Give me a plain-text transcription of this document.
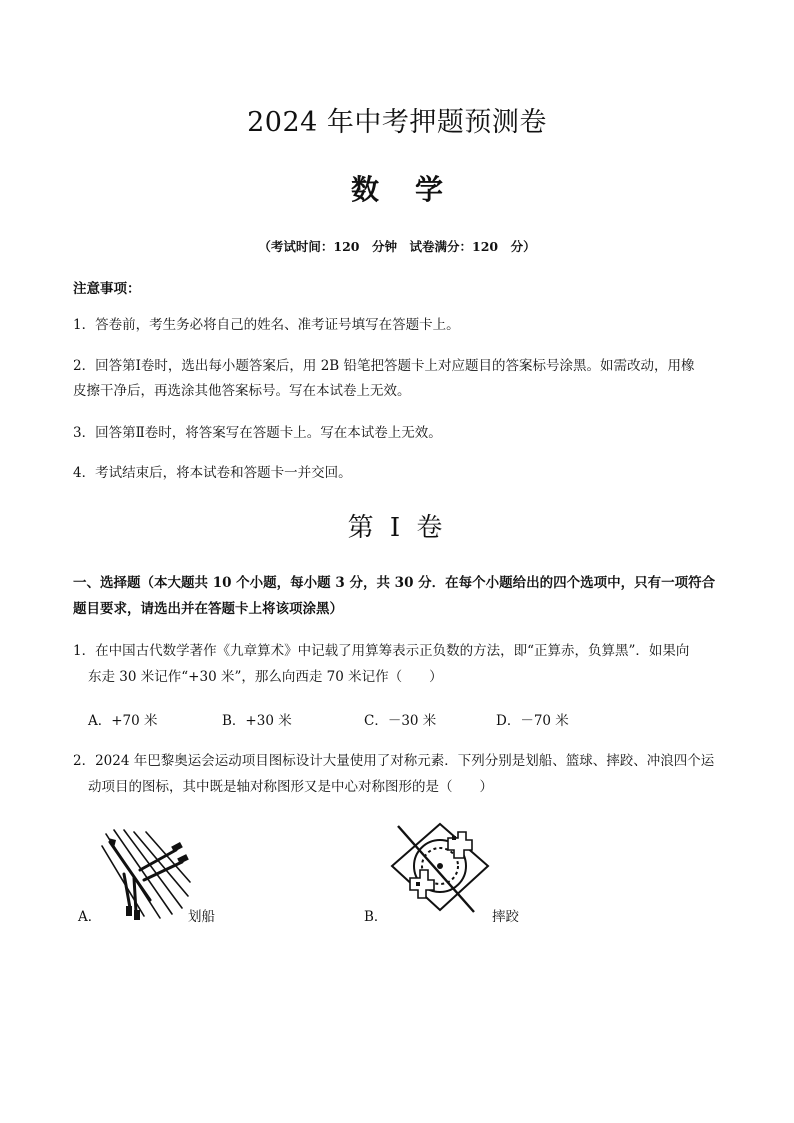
2024 年中考押题预测卷
数 学
（考试时间：120　分钟　试卷满分：120　分）
注意事项：
1．答卷前，考生务必将自己的姓名、准考证号填写在答题卡上。
2．回答第Ⅰ卷时，选出每小题答案后，用 2B 铅笔把答题卡上对应题目的答案标号涂黑。如需改动，用橡
皮擦干净后，再选涂其他答案标号。写在本试卷上无效。
3．回答第Ⅱ卷时，将答案写在答题卡上。写在本试卷上无效。
4．考试结束后，将本试卷和答题卡一并交回。
第 I 卷
一、选择题（本大题共 10 个小题，每小题 3 分，共 30 分．在每个小题给出的四个选项中，只有一项符合
题目要求，请选出并在答题卡上将该项涂黑）
1．在中国古代数学著作《九章算术》中记载了用算筹表示正负数的方法，即“正算赤，负算黑”．如果向
东走 30 米记作“+30 米”，那么向西走 70 米记作（　　）
A．+70 米	B．+30 米	C．－30 米	D．－70 米
2．2024 年巴黎奥运会运动项目图标设计大量使用了对称元素．下列分别是划船、篮球、摔跤、冲浪四个运
动项目的图标，其中既是轴对称图形又是中心对称图形的是（　　）
A．	划船	B．	摔跤
